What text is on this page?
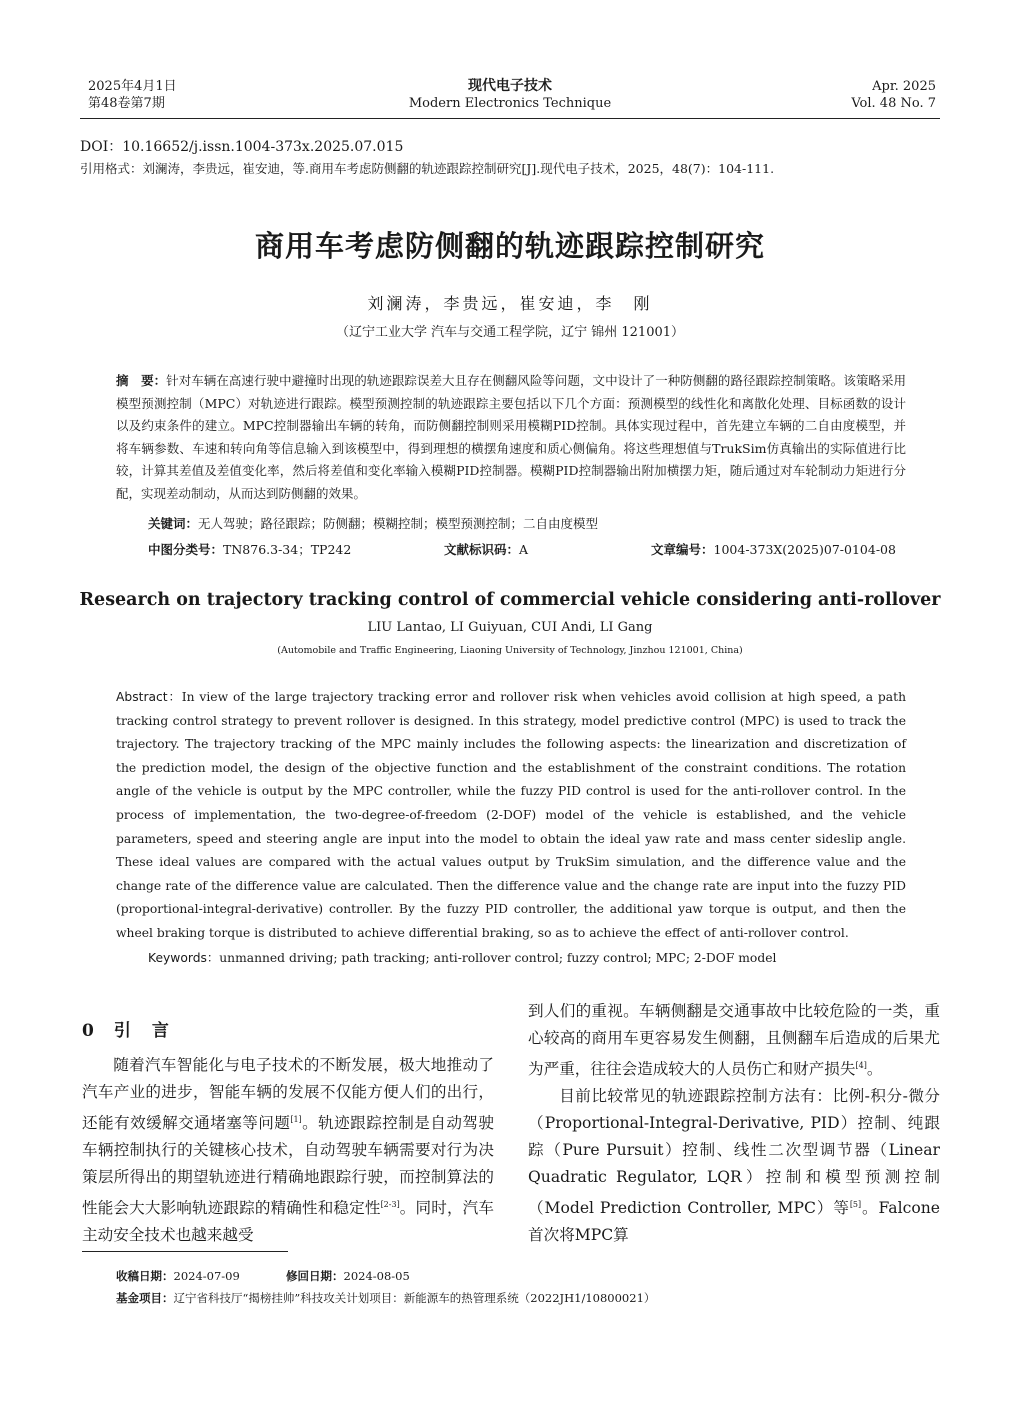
2025年4月1日
第48卷第7期
现代电子技术
Modern Electronics Technique
Apr. 2025
Vol. 48 No. 7
DOI：10.16652/j.issn.1004-373x.2025.07.015
引用格式：刘澜涛，李贵远，崔安迪，等.商用车考虑防侧翻的轨迹跟踪控制研究[J].现代电子技术，2025，48(7)：104-111.
商用车考虑防侧翻的轨迹跟踪控制研究
刘澜涛，李贵远，崔安迪，李　刚
（辽宁工业大学 汽车与交通工程学院，辽宁 锦州 121001）
摘　要：针对车辆在高速行驶中避撞时出现的轨迹跟踪误差大且存在侧翻风险等问题，文中设计了一种防侧翻的路径跟踪控制策略。该策略采用模型预测控制（MPC）对轨迹进行跟踪。模型预测控制的轨迹跟踪主要包括以下几个方面：预测模型的线性化和离散化处理、目标函数的设计以及约束条件的建立。MPC控制器输出车辆的转角，而防侧翻控制则采用模糊PID控制。具体实现过程中，首先建立车辆的二自由度模型，并将车辆参数、车速和转向角等信息输入到该模型中，得到理想的横摆角速度和质心侧偏角。将这些理想值与TrukSim仿真输出的实际值进行比较，计算其差值及差值变化率，然后将差值和变化率输入模糊PID控制器。模糊PID控制器输出附加横摆力矩，随后通过对车轮制动力矩进行分配，实现差动制动，从而达到防侧翻的效果。
关键词：无人驾驶；路径跟踪；防侧翻；模糊控制；模型预测控制；二自由度模型
中图分类号：TN876.3-34；TP242	文献标识码：A	文章编号：1004-373X(2025)07-0104-08
Research on trajectory tracking control of commercial vehicle considering anti-rollover
LIU Lantao, LI Guiyuan, CUI Andi, LI Gang
(Automobile and Traffic Engineering, Liaoning University of Technology, Jinzhou 121001, China)
Abstract：In view of the large trajectory tracking error and rollover risk when vehicles avoid collision at high speed, a path tracking control strategy to prevent rollover is designed. In this strategy, model predictive control (MPC) is used to track the trajectory. The trajectory tracking of the MPC mainly includes the following aspects: the linearization and discretization of the prediction model, the design of the objective function and the establishment of the constraint conditions. The rotation angle of the vehicle is output by the MPC controller, while the fuzzy PID control is used for the anti-rollover control. In the process of implementation, the two-degree-of-freedom (2-DOF) model of the vehicle is established, and the vehicle parameters, speed and steering angle are input into the model to obtain the ideal yaw rate and mass center sideslip angle. These ideal values are compared with the actual values output by TrukSim simulation, and the difference value and the change rate of the difference value are calculated. Then the difference value and the change rate are input into the fuzzy PID (proportional-integral-derivative) controller. By the fuzzy PID controller, the additional yaw torque is output, and then the wheel braking torque is distributed to achieve differential braking, so as to achieve the effect of anti-rollover control.
Keywords：unmanned driving; path tracking; anti-rollover control; fuzzy control; MPC; 2-DOF model
0 引　言

随着汽车智能化与电子技术的不断发展，极大地推动了汽车产业的进步，智能车辆的发展不仅能方便人们的出行，还能有效缓解交通堵塞等问题[1]。轨迹跟踪控制是自动驾驶车辆控制执行的关键核心技术，自动驾驶车辆需要对行为决策层所得出的期望轨迹进行精确地跟踪行驶，而控制算法的性能会大大影响轨迹跟踪的精确性和稳定性[2-3]。同时，汽车主动安全技术也越来越受

到人们的重视。车辆侧翻是交通事故中比较危险的一类，重心较高的商用车更容易发生侧翻，且侧翻车后造成的后果尤为严重，往往会造成较大的人员伤亡和财产损失[4]。

目前比较常见的轨迹跟踪控制方法有：比例-积分-微分（Proportional-Integral-Derivative, PID）控制、纯跟踪（Pure Pursuit）控制、线性二次型调节器（Linear Quadratic Regulator, LQR）控制和模型预测控制（Model Prediction Controller, MPC）等[5]。Falcone首次将MPC算

收稿日期：2024-07-09	修回日期：2024-08-05
基金项目：辽宁省科技厅“揭榜挂帅”科技攻关计划项目：新能源车的热管理系统（2022JH1/10800021）
